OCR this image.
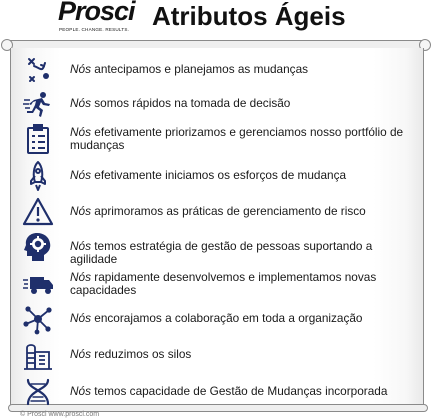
Prosci
PEOPLE. CHANGE. RESULTS. Atributos Ágeis
Nós antecipamos e planejamos as mudanças
Nós somos rápidos na tomada de decisão
Nós efetivamente priorizamos e gerenciamos nosso portfólio de mudanças
Nós efetivamente iniciamos os esforços de mudança
Nós aprimoramos as práticas de gerenciamento de risco
Nós temos estratégia de gestão de pessoas suportando a agilidade
Nós rapidamente desenvolvemos e implementamos novas capacidades
Nós encorajamos a colaboração em toda a organização
Nós reduzimos os silos
Nós temos capacidade de Gestão de Mudanças incorporada
© Prosci www.prosci.com
